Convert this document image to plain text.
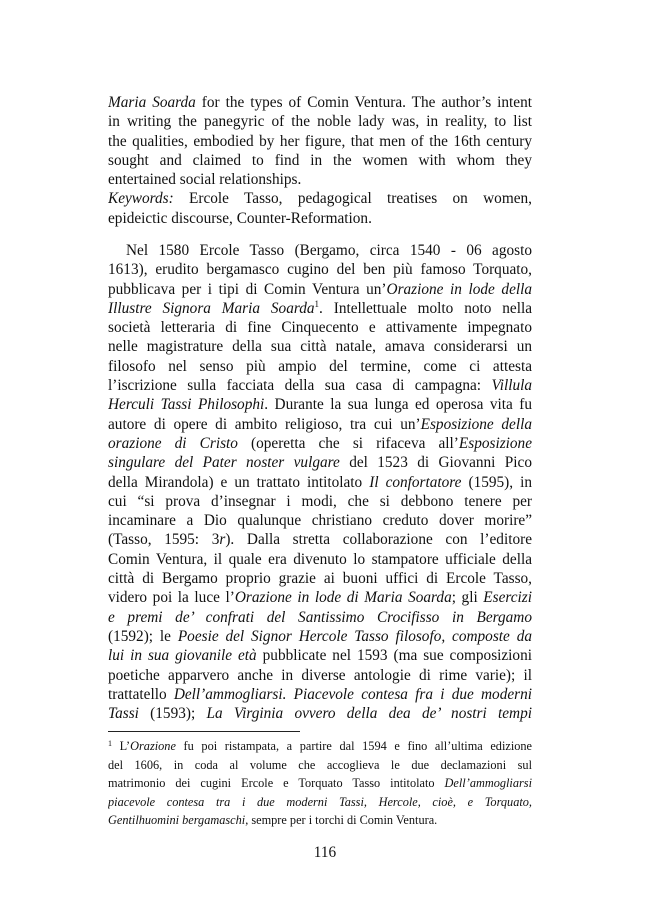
Maria Soarda for the types of Comin Ventura. The author’s intent
in writing the panegyric of the noble lady was, in reality, to list
the qualities, embodied by her figure, that men of the 16th century
sought and claimed to find in the women with whom they
entertained social relationships.
Keywords: Ercole Tasso, pedagogical treatises on women,
epideictic discourse, Counter-Reformation.
Nel 1580 Ercole Tasso (Bergamo, circa 1540 - 06 agosto
1613), erudito bergamasco cugino del ben più famoso Torquato,
pubblicava per i tipi di Comin Ventura un’Orazione in lode della
Illustre Signora Maria Soarda$^1$. Intellettuale molto noto nella
società letteraria di fine Cinquecento e attivamente impegnato
nelle magistrature della sua città natale, amava considerarsi un
filosofo nel senso più ampio del termine, come ci attesta
l’iscrizione sulla facciata della sua casa di campagna: Villula
Herculi Tassi Philosophi. Durante la sua lunga ed operosa vita fu
autore di opere di ambito religioso, tra cui un’Esposizione della
orazione di Cristo (operetta che si rifaceva all’Esposizione
singulare del Pater noster vulgare del 1523 di Giovanni Pico
della Mirandola) e un trattato intitolato Il confortatore (1595), in
cui “si prova d’insegnar i modi, che si debbono tenere per
incaminare a Dio qualunque christiano creduto dover morire”
(Tasso, 1595: 3r). Dalla stretta collaborazione con l’editore
Comin Ventura, il quale era divenuto lo stampatore ufficiale della
città di Bergamo proprio grazie ai buoni uffici di Ercole Tasso,
videro poi la luce l’Orazione in lode di Maria Soarda; gli Esercizi
e premi de’ confrati del Santissimo Crocifisso in Bergamo
(1592); le Poesie del Signor Hercole Tasso filosofo, composte da
lui in sua giovanile età pubblicate nel 1593 (ma sue composizioni
poetiche apparvero anche in diverse antologie di rime varie); il
trattatello Dell’ammogliarsi. Piacevole contesa fra i due moderni
Tassi (1593); La Virginia ovvero della dea de’ nostri tempi
$^1$ L’Orazione fu poi ristampata, a partire dal 1594 e fino all’ultima edizione
del 1606, in coda al volume che accoglieva le due declamazioni sul
matrimonio dei cugini Ercole e Torquato Tasso intitolato Dell’ammogliarsi
piacevole contesa tra i due moderni Tassi, Hercole, cioè, e Torquato,
Gentilhuomini bergamaschi, sempre per i torchi di Comin Ventura.
116
